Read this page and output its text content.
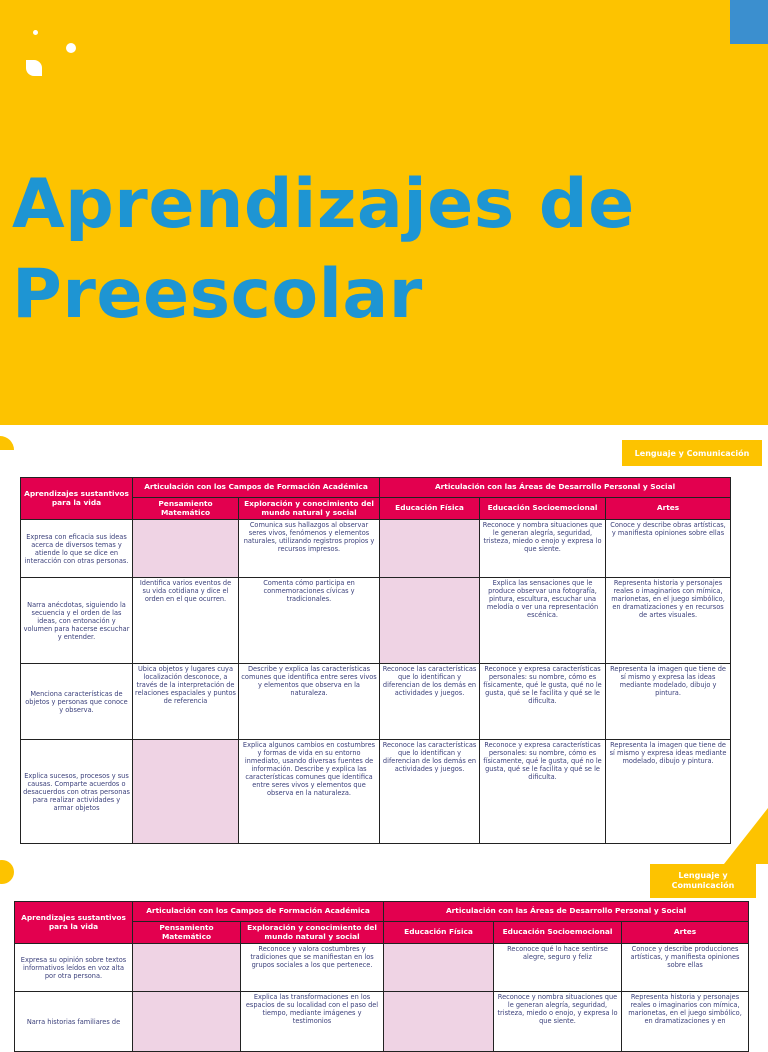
Aprendizajes de
Preescolar
Lenguaje y Comunicación
Aprendizajes sustantivos para la vida	Articulación con los Campos de Formación Académica		Articulación con las Áreas de Desarrollo Personal y Social		
	Pensamiento Matemático	Exploración y conocimiento del mundo natural y social	Educación Física	Educación Socioemocional	Artes
Expresa con eficacia sus ideas acerca de diversos temas y atiende lo que se dice en interacción con otras personas.		Comunica sus hallazgos al observar seres vivos, fenómenos y elementos naturales, utilizando registros propios y recursos impresos.		Reconoce y nombra situaciones que le generan alegría, seguridad, tristeza, miedo o enojo y expresa lo que siente.	Conoce y describe obras artísticas, y manifiesta opiniones sobre ellas
Narra anécdotas, siguiendo la secuencia y el orden de las ideas, con entonación y volumen para hacerse escuchar y entender.	Identifica varios eventos de su vida cotidiana y dice el orden en el que ocurren.	Comenta cómo participa en conmemoraciones cívicas y tradicionales.		Explica las sensaciones que le produce observar una fotografía, pintura, escultura, escuchar una melodía o ver una representación escénica.	Representa historia y personajes reales o imaginarios con mímica, marionetas, en el juego simbólico, en dramatizaciones y en recursos de artes visuales.
Menciona características de objetos y personas que conoce y observa.	Ubica objetos y lugares cuya localización desconoce, a través de la interpretación de relaciones espaciales y puntos de referencia	Describe y explica las características comunes que identifica entre seres vivos y elementos que observa en la naturaleza.	Reconoce las características que lo identifican y diferencian de los demás en actividades y juegos.	Reconoce y expresa características personales: su nombre, cómo es físicamente, qué le gusta, qué no le gusta, qué se le facilita y qué se le dificulta.	Representa la imagen que tiene de sí mismo y expresa las ideas mediante modelado, dibujo y pintura.
Explica sucesos, procesos y sus causas. Comparte acuerdos o desacuerdos con otras personas para realizar actividades y armar objetos		Explica algunos cambios en costumbres y formas de vida en su entorno inmediato, usando diversas fuentes de información. Describe y explica las características comunes que identifica entre seres vivos y elementos que observa en la naturaleza.	Reconoce las características que lo identifican y diferencian de los demás en actividades y juegos.	Reconoce y expresa características personales: su nombre, cómo es físicamente, qué le gusta, qué no le gusta, qué se le facilita y qué se le dificulta.	Representa la imagen que tiene de sí mismo y expresa ideas mediante modelado, dibujo y pintura.
Lenguaje y
Comunicación
Aprendizajes sustantivos para la vida	Articulación con los Campos de Formación Académica		Articulación con las Áreas de Desarrollo Personal y Social		
	Pensamiento Matemático	Exploración y conocimiento del mundo natural y social	Educación Física	Educación Socioemocional	Artes
Expresa su opinión sobre textos informativos leídos en voz alta por otra persona.		Reconoce y valora costumbres y tradiciones que se manifiestan en los grupos sociales a los que pertenece.		Reconoce qué lo hace sentirse alegre, seguro y feliz	Conoce y describe producciones artísticas, y manifiesta opiniones sobre ellas
Narra historias familiares de		Explica las transformaciones en los espacios de su localidad con el paso del tiempo, mediante imágenes y testimonios		Reconoce y nombra situaciones que le generan alegría, seguridad, tristeza, miedo o enojo, y expresa lo que siente.	Representa historia y personajes reales o imaginarios con mímica, marionetas, en el juego simbólico, en dramatizaciones y en
